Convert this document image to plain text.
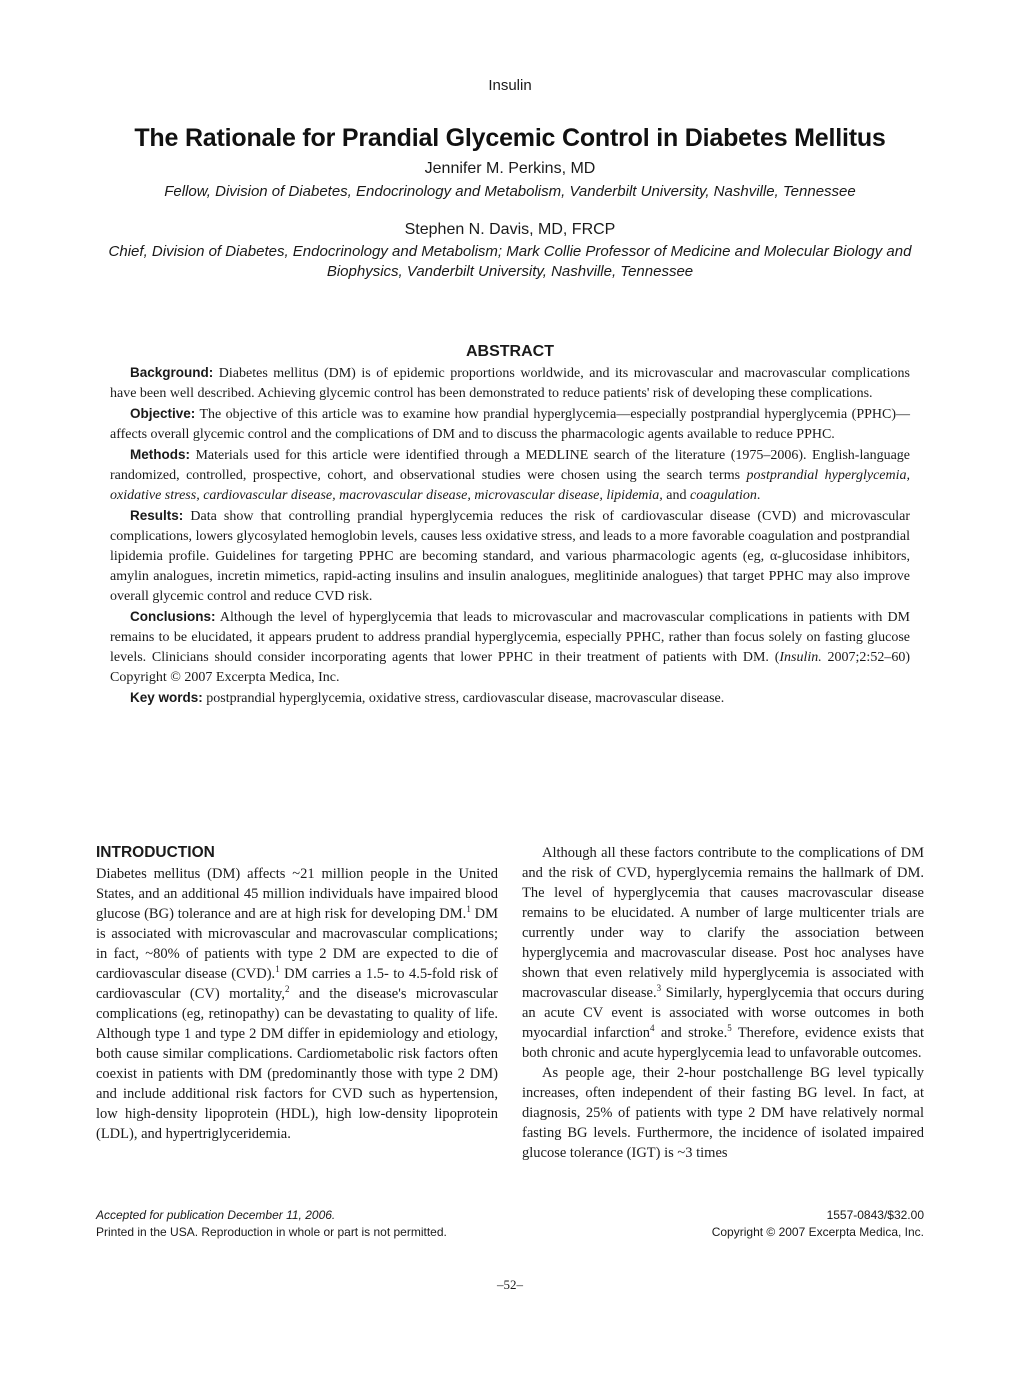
Insulin
The Rationale for Prandial Glycemic Control in Diabetes Mellitus
Jennifer M. Perkins, MD
Fellow, Division of Diabetes, Endocrinology and Metabolism, Vanderbilt University, Nashville, Tennessee
Stephen N. Davis, MD, FRCP
Chief, Division of Diabetes, Endocrinology and Metabolism; Mark Collie Professor of Medicine and Molecular Biology and Biophysics, Vanderbilt University, Nashville, Tennessee
ABSTRACT

Background: Diabetes mellitus (DM) is of epidemic proportions worldwide, and its microvascular and macrovascular complications have been well described. Achieving glycemic control has been demonstrated to reduce patients' risk of developing these complications.

Objective: The objective of this article was to examine how prandial hyperglycemia—especially postprandial hyperglycemia (PPHC)—affects overall glycemic control and the complications of DM and to discuss the pharmacologic agents available to reduce PPHC.

Methods: Materials used for this article were identified through a MEDLINE search of the literature (1975–2006). English-language randomized, controlled, prospective, cohort, and observational studies were chosen using the search terms postprandial hyperglycemia, oxidative stress, cardiovascular disease, macrovascular disease, microvascular disease, lipidemia, and coagulation.

Results: Data show that controlling prandial hyperglycemia reduces the risk of cardiovascular disease (CVD) and microvascular complications, lowers glycosylated hemoglobin levels, causes less oxidative stress, and leads to a more favorable coagulation and postprandial lipidemia profile. Guidelines for targeting PPHC are becoming standard, and various pharmacologic agents (eg, α-glucosidase inhibitors, amylin analogues, incretin mimetics, rapid-acting insulins and insulin analogues, meglitinide analogues) that target PPHC may also improve overall glycemic control and reduce CVD risk.

Conclusions: Although the level of hyperglycemia that leads to microvascular and macrovascular complications in patients with DM remains to be elucidated, it appears prudent to address prandial hyperglycemia, especially PPHC, rather than focus solely on fasting glucose levels. Clinicians should consider incorporating agents that lower PPHC in their treatment of patients with DM. (Insulin. 2007;2:52–60) Copyright © 2007 Excerpta Medica, Inc.

Key words: postprandial hyperglycemia, oxidative stress, cardiovascular disease, macrovascular disease.

INTRODUCTION

Diabetes mellitus (DM) affects ~21 million people in the United States, and an additional 45 million individuals have impaired blood glucose (BG) tolerance and are at high risk for developing DM.$^1$ DM is associated with microvascular and macrovascular complications; in fact, ~80% of patients with type 2 DM are expected to die of cardiovascular disease (CVD).$^1$ DM carries a 1.5- to 4.5-fold risk of cardiovascular (CV) mortality,$^2$ and the disease's microvascular complications (eg, retinopathy) can be devastating to quality of life. Although type 1 and type 2 DM differ in epidemiology and etiology, both cause similar complications. Cardiometabolic risk factors often coexist in patients with DM (predominantly those with type 2 DM) and include additional risk factors for CVD such as hypertension, low high-density lipoprotein (HDL), high low-density lipoprotein (LDL), and hypertriglyceridemia.

Although all these factors contribute to the complications of DM and the risk of CVD, hyperglycemia remains the hallmark of DM. The level of hyperglycemia that causes macrovascular disease remains to be elucidated. A number of large multicenter trials are currently under way to clarify the association between hyperglycemia and macrovascular disease. Post hoc analyses have shown that even relatively mild hyperglycemia is associated with macrovascular disease.$^3$ Similarly, hyperglycemia that occurs during an acute CV event is associated with worse outcomes in both myocardial infarction$^4$ and stroke.$^5$ Therefore, evidence exists that both chronic and acute hyperglycemia lead to unfavorable outcomes.

As people age, their 2-hour postchallenge BG level typically increases, often independent of their fasting BG level. In fact, at diagnosis, 25% of patients with type 2 DM have relatively normal fasting BG levels. Furthermore, the incidence of isolated impaired glucose tolerance (IGT) is ~3 times

Accepted for publication December 11, 2006.
Printed in the USA. Reproduction in whole or part is not permitted.
1557-0843/$32.00
Copyright © 2007 Excerpta Medica, Inc.
–52–
